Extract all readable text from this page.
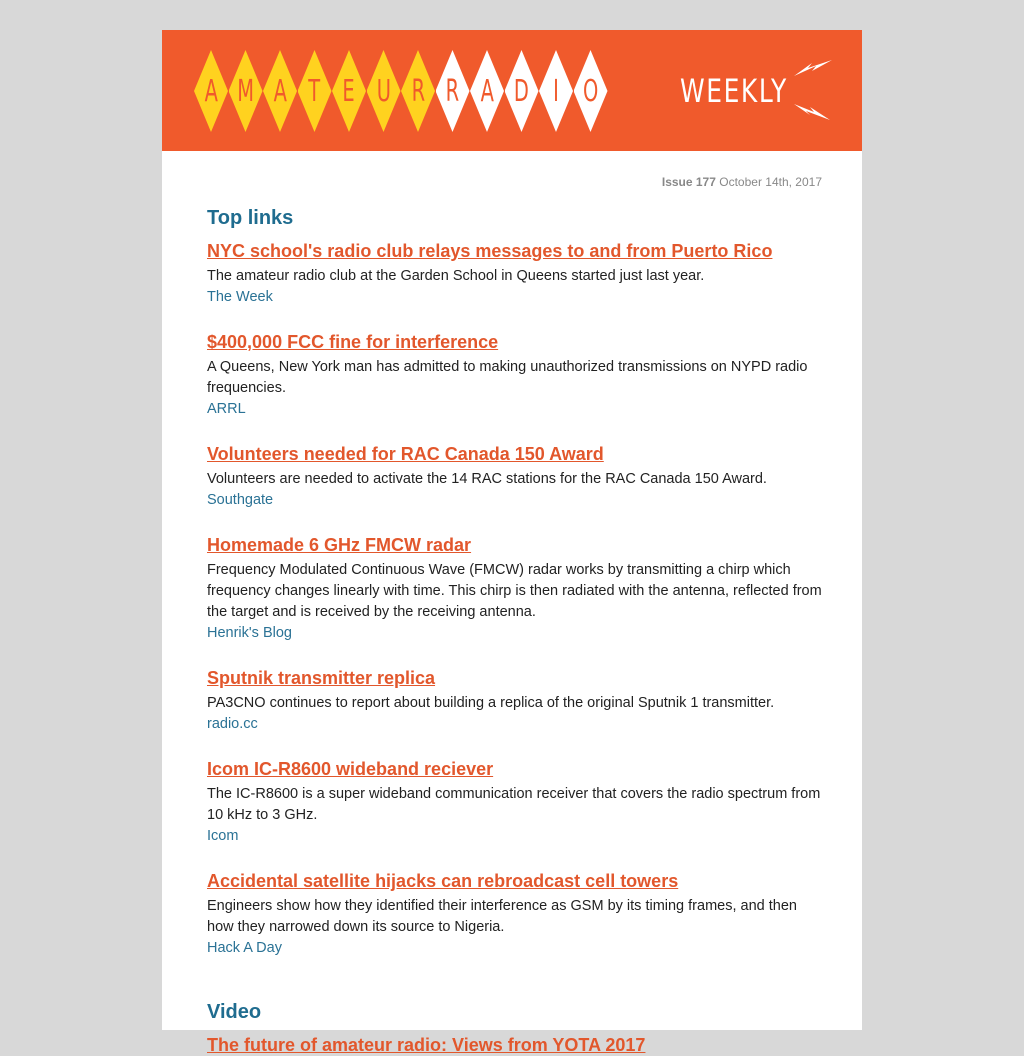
A M A T E U R R A D I O	WEEKLY
Issue 177 October 14th, 2017
Top links
NYC school's radio club relays messages to and from Puerto Rico
The amateur radio club at the Garden School in Queens started just last year.
The Week
$400,000 FCC fine for interference
A Queens, New York man has admitted to making unauthorized transmissions on NYPD radio frequencies.
ARRL
Volunteers needed for RAC Canada 150 Award
Volunteers are needed to activate the 14 RAC stations for the RAC Canada 150 Award.
Southgate
Homemade 6 GHz FMCW radar
Frequency Modulated Continuous Wave (FMCW) radar works by transmitting a chirp which frequency changes linearly with time. This chirp is then radiated with the antenna, reflected from the target and is received by the receiving antenna.
Henrik's Blog
Sputnik transmitter replica
PA3CNO continues to report about building a replica of the original Sputnik 1 transmitter.
radio.cc
Icom IC-R8600 wideband reciever
The IC-R8600 is a super wideband communication receiver that covers the radio spectrum from 10 kHz to 3 GHz.
Icom
Accidental satellite hijacks can rebroadcast cell towers
Engineers show how they identified their interference as GSM by its timing frames, and then how they narrowed down its source to Nigeria.
Hack A Day
Video
The future of amateur radio: Views from YOTA 2017
